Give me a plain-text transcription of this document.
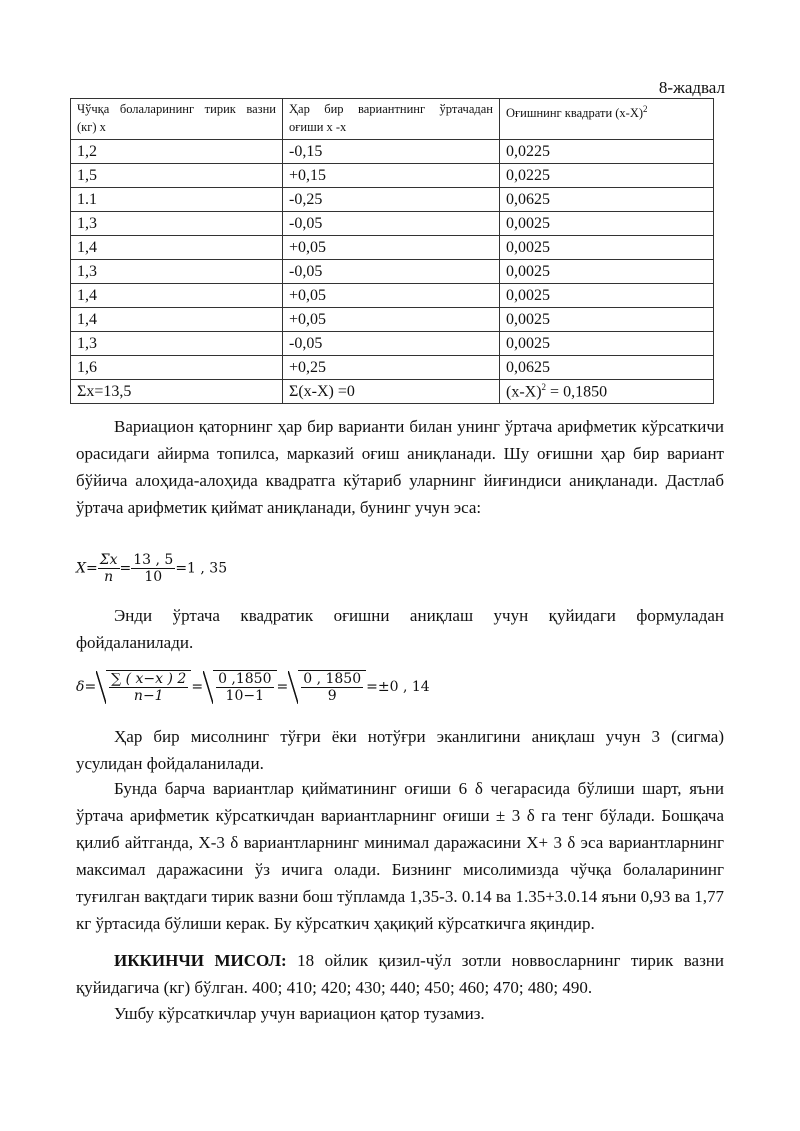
8-жадвал
Чўчқа болаларининг тирик вазни (кг) x	Ҳар бир вариантнинг ўртачадан оғиши x -x	Оғишнинг квадрати $(x-X)^2$
1,2	-0,15	0,0225
1,5	+0,15	0,0225
1.1	-0,25	0,0625
1,3	-0,05	0,0025
1,4	+0,05	0,0025
1,3	-0,05	0,0025
1,4	+0,05	0,0025
1,4	+0,05	0,0025
1,3	-0,05	0,0025
1,6	+0,25	0,0625
Σx=13,5	Σ(x-X) =0	$(x-X)^2 = 0,1850$

Вариацион қаторнинг ҳар бир варианти билан унинг ўртача арифметик кўрсаткичи орасидаги айирма топилса, марказий оғиш аниқланади. Шу оғишни ҳар бир вариант бўйича алоҳида-алоҳида квадратга кўтариб уларнинг йиғиндиси аниқланади. Дастлаб ўртача арифметик қиймат аниқланади, бунинг учун эса:

$X= \frac{\Sigma x}{n} = \frac{13 , 5}{10} =1$ , 35

Энди ўртача квадратик оғишни аниқлаш учун қуйидаги формуладан фойдаланилади.

$\delta= \frac{\sum ( x-x ) 2}{n-1} = \frac{0 ,1850}{10-1} = \frac{0 , 1850}{9} =\pm 0$ , 14

Ҳар бир мисолнинг тўғри ёки нотўғри эканлигини аниқлаш учун 3 (сигма) усулидан фойдаланилади.

Бунда барча вариантлар қийматининг оғиши 6 δ чегарасида бўлиши шарт, яъни ўртача арифметик кўрсаткичдан вариантларнинг оғиши ± 3 δ га тенг бўлади. Бошқача қилиб айтганда, X-3 δ вариантларнинг минимал даражасини X+ 3 δ эса вариантларнинг максимал даражасини ўз ичига олади. Бизнинг мисолимизда чўчқа болаларининг туғилган вақтдаги тирик вазни бош тўпламда 1,35-3. 0.14 ва 1.35+3.0.14 яъни 0,93 ва 1,77 кг ўртасида бўлиши керак. Бу кўрсаткич ҳақиқий кўрсаткичга яқиндир.

ИККИНЧИ МИСОЛ: 18 ойлик қизил-чўл зотли нoввосларнинг тирик вазни қуйидагича (кг) бўлган. 400; 410; 420; 430; 440; 450; 460; 470; 480; 490.

Ушбу кўрсаткичлар учун вариацион қатор тузамиз.
